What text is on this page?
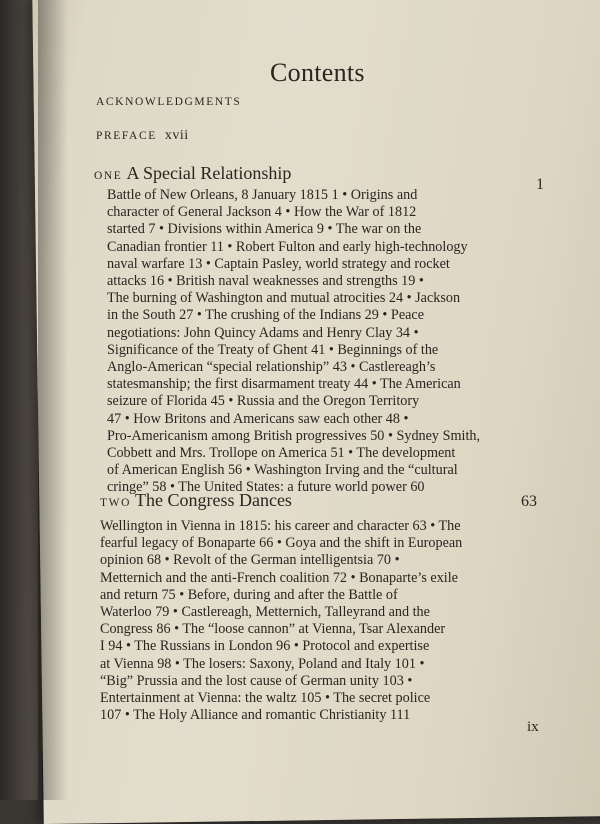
Contents
ACKNOWLEDGMENTS
PREFACE xvii
ONE A Special Relationship
1
Battle of New Orleans, 8 January 1815 1 • Origins and
character of General Jackson 4 • How the War of 1812
started 7 • Divisions within America 9 • The war on the
Canadian frontier 11 • Robert Fulton and early high-technology
naval warfare 13 • Captain Pasley, world strategy and rocket
attacks 16 • British naval weaknesses and strengths 19 •
The burning of Washington and mutual atrocities 24 • Jackson
in the South 27 • The crushing of the Indians 29 • Peace
negotiations: John Quincy Adams and Henry Clay 34 •
Significance of the Treaty of Ghent 41 • Beginnings of the
Anglo-American “special relationship” 43 • Castlereagh’s
statesmanship; the first disarmament treaty 44 • The American
seizure of Florida 45 • Russia and the Oregon Territory
47 • How Britons and Americans saw each other 48 •
Pro-Americanism among British progressives 50 • Sydney Smith,
Cobbett and Mrs. Trollope on America 51 • The development
of American English 56 • Washington Irving and the “cultural
cringe” 58 • The United States: a future world power 60
TWO The Congress Dances	63
Wellington in Vienna in 1815: his career and character 63 • The
fearful legacy of Bonaparte 66 • Goya and the shift in European
opinion 68 • Revolt of the German intelligentsia 70 •
Metternich and the anti-French coalition 72 • Bonaparte’s exile
and return 75 • Before, during and after the Battle of
Waterloo 79 • Castlereagh, Metternich, Talleyrand and the
Congress 86 • The “loose cannon” at Vienna, Tsar Alexander
I 94 • The Russians in London 96 • Protocol and expertise
at Vienna 98 • The losers: Saxony, Poland and Italy 101 •
“Big” Prussia and the lost cause of German unity 103 •
Entertainment at Vienna: the waltz 105 • The secret police
107 • The Holy Alliance and romantic Christianity 111
ix
